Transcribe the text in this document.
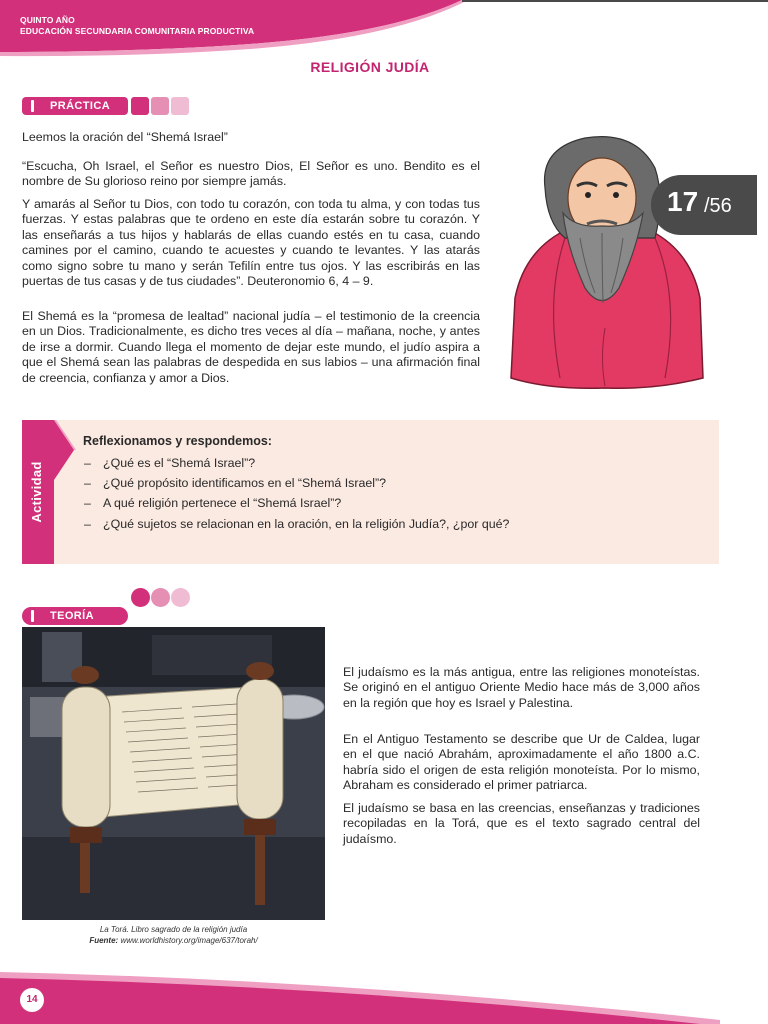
QUINTO AÑO
EDUCACIÓN SECUNDARIA COMUNITARIA PRODUCTIVA
RELIGIÓN JUDÍA
PRÁCTICA

Leemos la oración del “Shemá Israel”

“Escucha, Oh Israel, el Señor es nuestro Dios, El Señor es uno. Bendito es el nombre de Su glorioso reino por siempre jamás.

Y amarás al Señor tu Dios, con todo tu corazón, con toda tu alma, y con todas tus fuerzas. Y estas palabras que te ordeno en este día estarán sobre tu corazón. Y las enseñarás a tus hijos y hablarás de ellas cuando estés en tu casa, cuando camines por el camino, cuando te acuestes y cuando te levantes. Y las atarás como signo sobre tu mano y serán Tefilín entre tus ojos. Y las escribirás en las puertas de tus casas y de tus ciudades”. Deuteronomio 6, 4 – 9.

El Shemá es la “promesa de lealtad” nacional judía – el testimonio de la creencia en un Dios. Tradicionalmente, es dicho tres veces al día – mañana, noche, y antes de irse a dormir. Cuando llega el momento de dejar este mundo, el judío aspira a que el Shemá sean las palabras de despedida en sus labios – una afirmación final de creencia, confianza y amor a Dios.

17 /56
Actividad
Reflexionamos y respondemos:
– ¿Qué es el “Shemá Israel”?
– ¿Qué propósito identificamos en el “Shemá Israel”?
– A qué religión pertenece el “Shemá Israel”?
– ¿Qué sujetos se relacionan en la oración, en la religión Judía?, ¿por qué?
TEORÍA
La Torá. Libro sagrado de la religión judía
Fuente: www.worldhistory.org/image/637/torah/

El judaísmo es la más antigua, entre las religiones monoteístas. Se originó en el antiguo Oriente Medio hace más de 3,000 años en la región que hoy es Israel y Palestina.

En el Antiguo Testamento se describe que Ur de Caldea, lugar en el que nació Abrahám, aproximadamente el año 1800 a.C. habría sido el origen de esta religión monoteísta. Por lo mismo, Abraham es considerado el primer patriarca.

El judaísmo se basa en las creencias, enseñanzas y tradiciones recopiladas en la Torá, que es el texto sagrado central del judaísmo.

14
